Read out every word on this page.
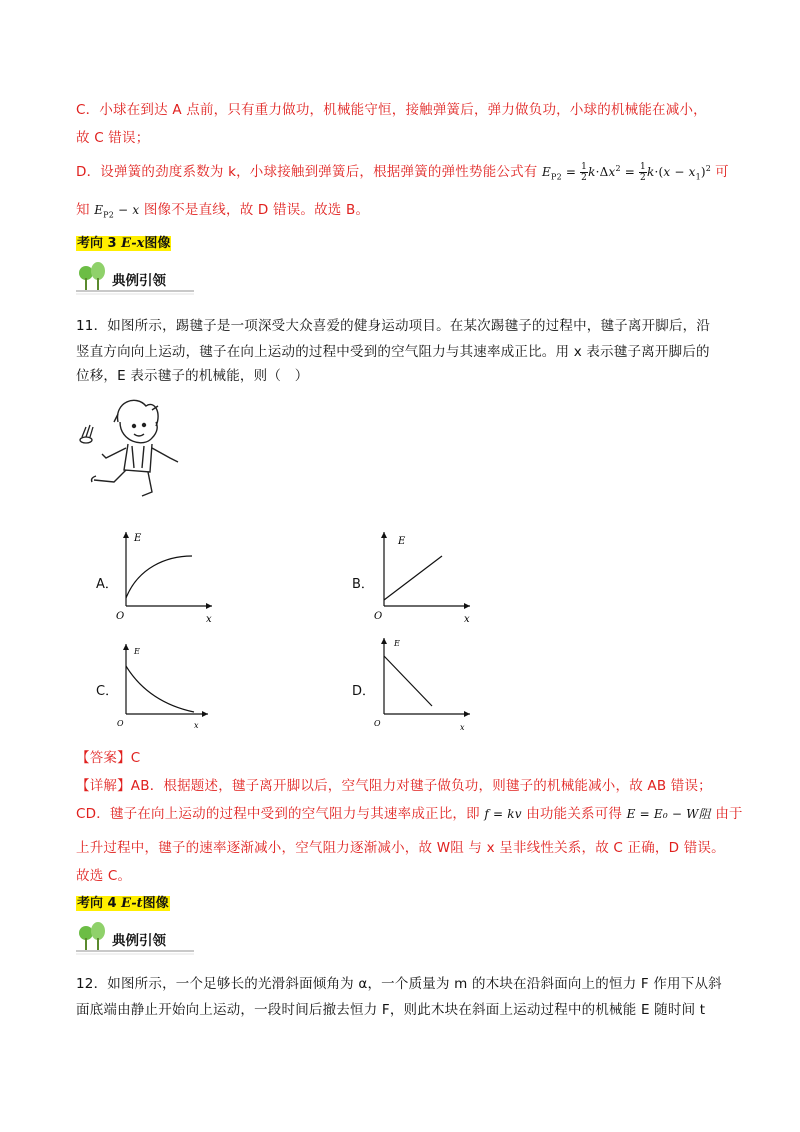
C．小球在到达 A 点前，只有重力做功，机械能守恒，接触弹簧后，弹力做负功，小球的机械能在减小，
故 C 错误；
D．设弹簧的劲度系数为 k，小球接触到弹簧后，根据弹簧的弹性势能公式有 $E_{P2} = \frac{1}{2}k\cdot\Delta x^2 = \frac{1}{2}k\cdot(x - x_1)^2$ 可
知 $E_{P2} - x$ 图像不是直线，故 D 错误。故选 B。
考向 3 E-x图像
典例引领
11．如图所示，踢毽子是一项深受大众喜爱的健身运动项目。在某次踢毽子的过程中，毽子离开脚后，沿
竖直方向向上运动，毽子在向上运动的过程中受到的空气阻力与其速率成正比。用 x 表示毽子离开脚后的
位移，E 表示毽子的机械能，则（　）
A．
E
x
O
B．
E
x
O
C．
E
x
O
D．
E
x
O
【答案】C
【详解】AB．根据题述，毽子离开脚以后，空气阻力对毽子做负功，则毽子的机械能减小，故 AB 错误；
CD．毽子在向上运动的过程中受到的空气阻力与其速率成正比，即 f = kv 由功能关系可得 E = E₀ − W阻 由于
上升过程中，毽子的速率逐渐减小，空气阻力逐渐减小，故 W阻 与 x 呈非线性关系，故 C 正确，D 错误。
故选 C。
考向 4 E-t图像
典例引领
12．如图所示，一个足够长的光滑斜面倾角为 α，一个质量为 m 的木块在沿斜面向上的恒力 F 作用下从斜
面底端由静止开始向上运动，一段时间后撤去恒力 F，则此木块在斜面上运动过程中的机械能 E 随时间 t
